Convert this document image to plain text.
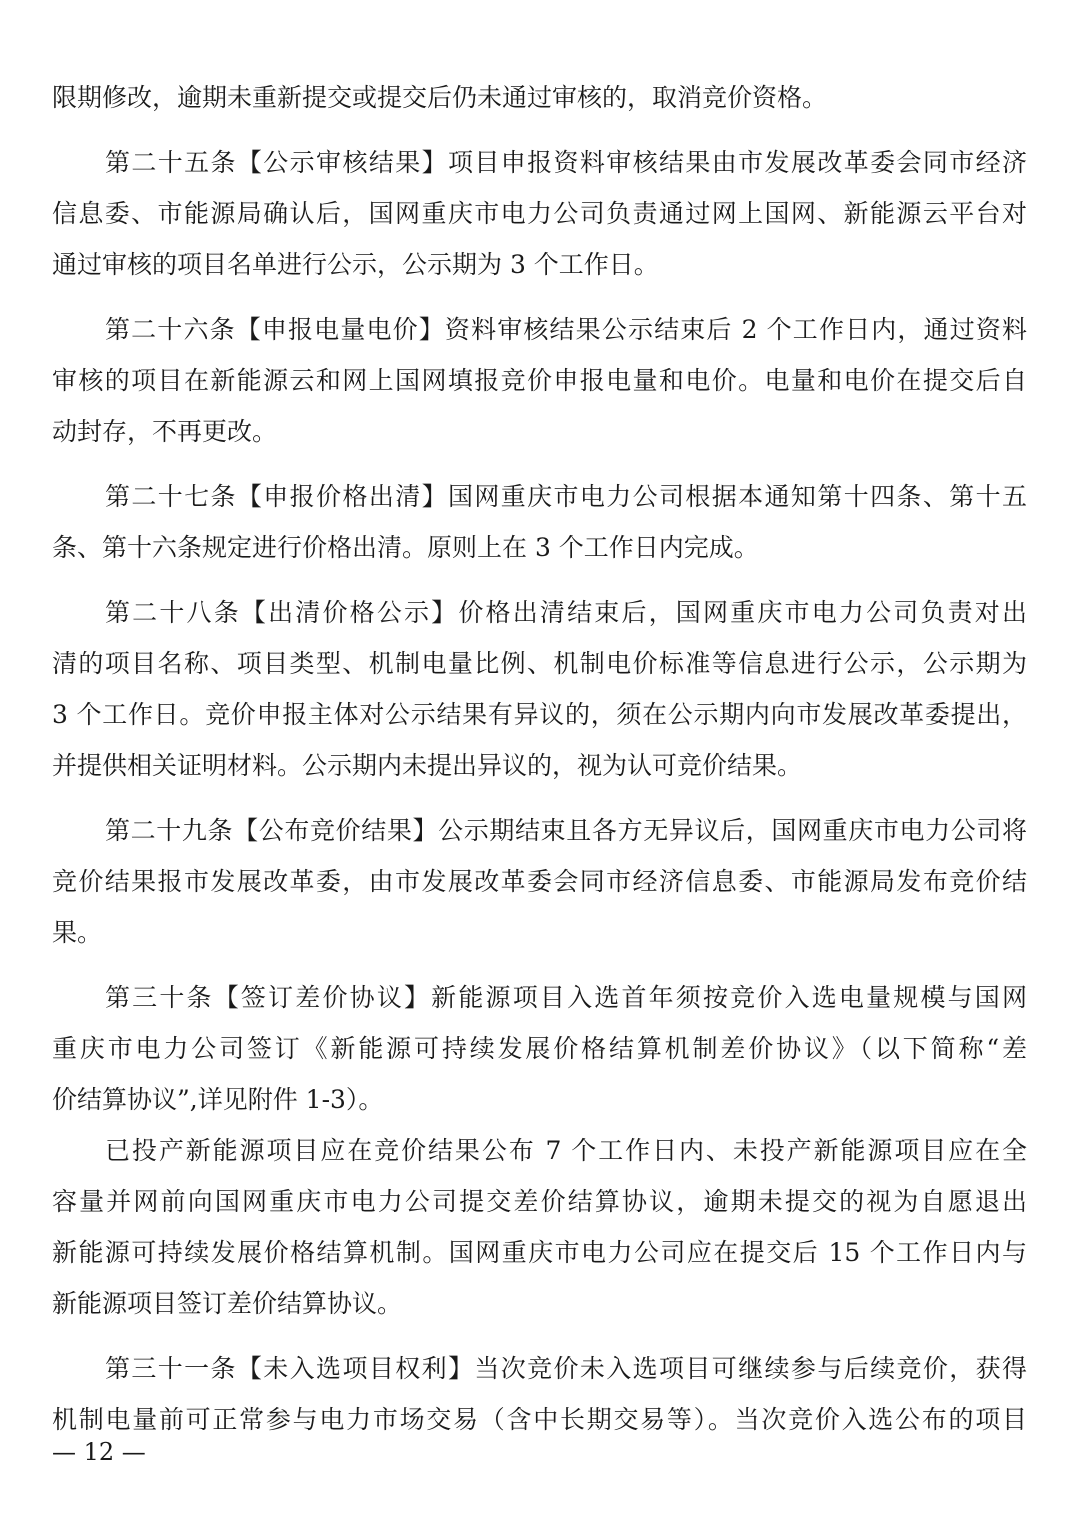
限期修改，逾期未重新提交或提交后仍未通过审核的，取消竞价资格。
第二十五条【公示审核结果】项目申报资料审核结果由市发展改革委会同市经济
信息委、市能源局确认后，国网重庆市电力公司负责通过网上国网、新能源云平台对
通过审核的项目名单进行公示，公示期为 3 个工作日。
第二十六条【申报电量电价】资料审核结果公示结束后 2 个工作日内，通过资料
审核的项目在新能源云和网上国网填报竞价申报电量和电价。电量和电价在提交后自
动封存，不再更改。
第二十七条【申报价格出清】国网重庆市电力公司根据本通知第十四条、第十五
条、第十六条规定进行价格出清。原则上在 3 个工作日内完成。
第二十八条【出清价格公示】价格出清结束后，国网重庆市电力公司负责对出
清的项目名称、项目类型、机制电量比例、机制电价标准等信息进行公示，公示期为
3 个工作日。竞价申报主体对公示结果有异议的，须在公示期内向市发展改革委提出，
并提供相关证明材料。公示期内未提出异议的，视为认可竞价结果。
第二十九条【公布竞价结果】公示期结束且各方无异议后，国网重庆市电力公司将
竞价结果报市发展改革委，由市发展改革委会同市经济信息委、市能源局发布竞价结
果。
第三十条【签订差价协议】新能源项目入选首年须按竞价入选电量规模与国网
重庆市电力公司签订《新能源可持续发展价格结算机制差价协议》（以下简称“差
价结算协议”,详见附件 1-3）。
已投产新能源项目应在竞价结果公布 7 个工作日内、未投产新能源项目应在全
容量并网前向国网重庆市电力公司提交差价结算协议，逾期未提交的视为自愿退出
新能源可持续发展价格结算机制。国网重庆市电力公司应在提交后 15 个工作日内与
新能源项目签订差价结算协议。
第三十一条【未入选项目权利】当次竞价未入选项目可继续参与后续竞价，获得
机制电量前可正常参与电力市场交易（含中长期交易等）。当次竞价入选公布的项目
— 12 —
